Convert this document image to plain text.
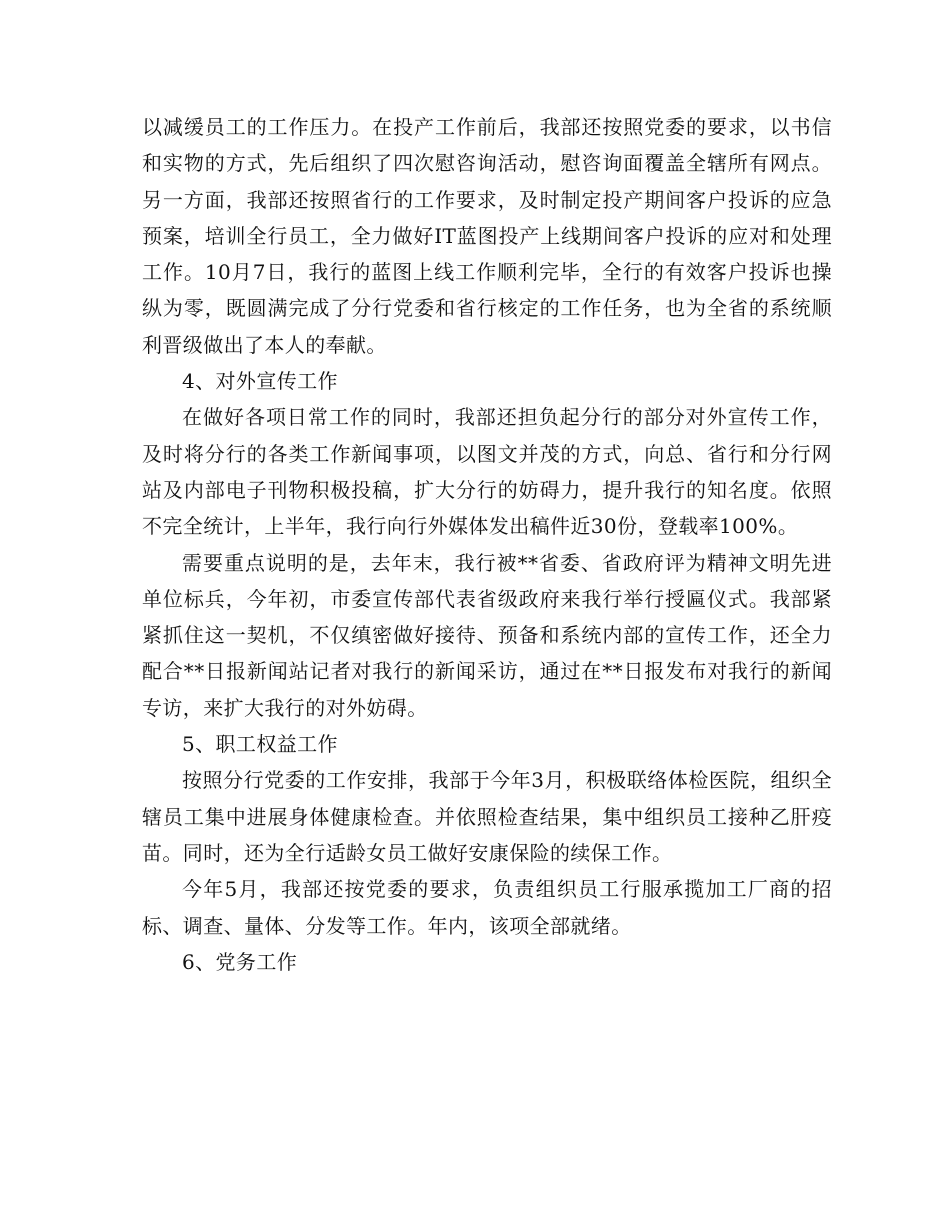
以减缓员工的工作压力。在投产工作前后，我部还按照党委的要求，以书信和实物的方式，先后组织了四次慰咨询活动，慰咨询面覆盖全辖所有网点。另一方面，我部还按照省行的工作要求，及时制定投产期间客户投诉的应急预案，培训全行员工，全力做好IT蓝图投产上线期间客户投诉的应对和处理工作。10月7日，我行的蓝图上线工作顺利完毕，全行的有效客户投诉也操纵为零，既圆满完成了分行党委和省行核定的工作任务，也为全省的系统顺利晋级做出了本人的奉献。

4、对外宣传工作

在做好各项日常工作的同时，我部还担负起分行的部分对外宣传工作，及时将分行的各类工作新闻事项，以图文并茂的方式，向总、省行和分行网站及内部电子刊物积极投稿，扩大分行的妨碍力，提升我行的知名度。依照不完全统计，上半年，我行向行外媒体发出稿件近30份，登载率100%。

需要重点说明的是，去年末，我行被**省委、省政府评为精神文明先进单位标兵，今年初，市委宣传部代表省级政府来我行举行授匾仪式。我部紧紧抓住这一契机，不仅缜密做好接待、预备和系统内部的宣传工作，还全力配合**日报新闻站记者对我行的新闻采访，通过在**日报发布对我行的新闻专访，来扩大我行的对外妨碍。

5、职工权益工作

按照分行党委的工作安排，我部于今年3月，积极联络体检医院，组织全辖员工集中进展身体健康检查。并依照检查结果，集中组织员工接种乙肝疫苗。同时，还为全行适龄女员工做好安康保险的续保工作。

今年5月，我部还按党委的要求，负责组织员工行服承揽加工厂商的招标、调查、量体、分发等工作。年内，该项全部就绪。

6、党务工作
